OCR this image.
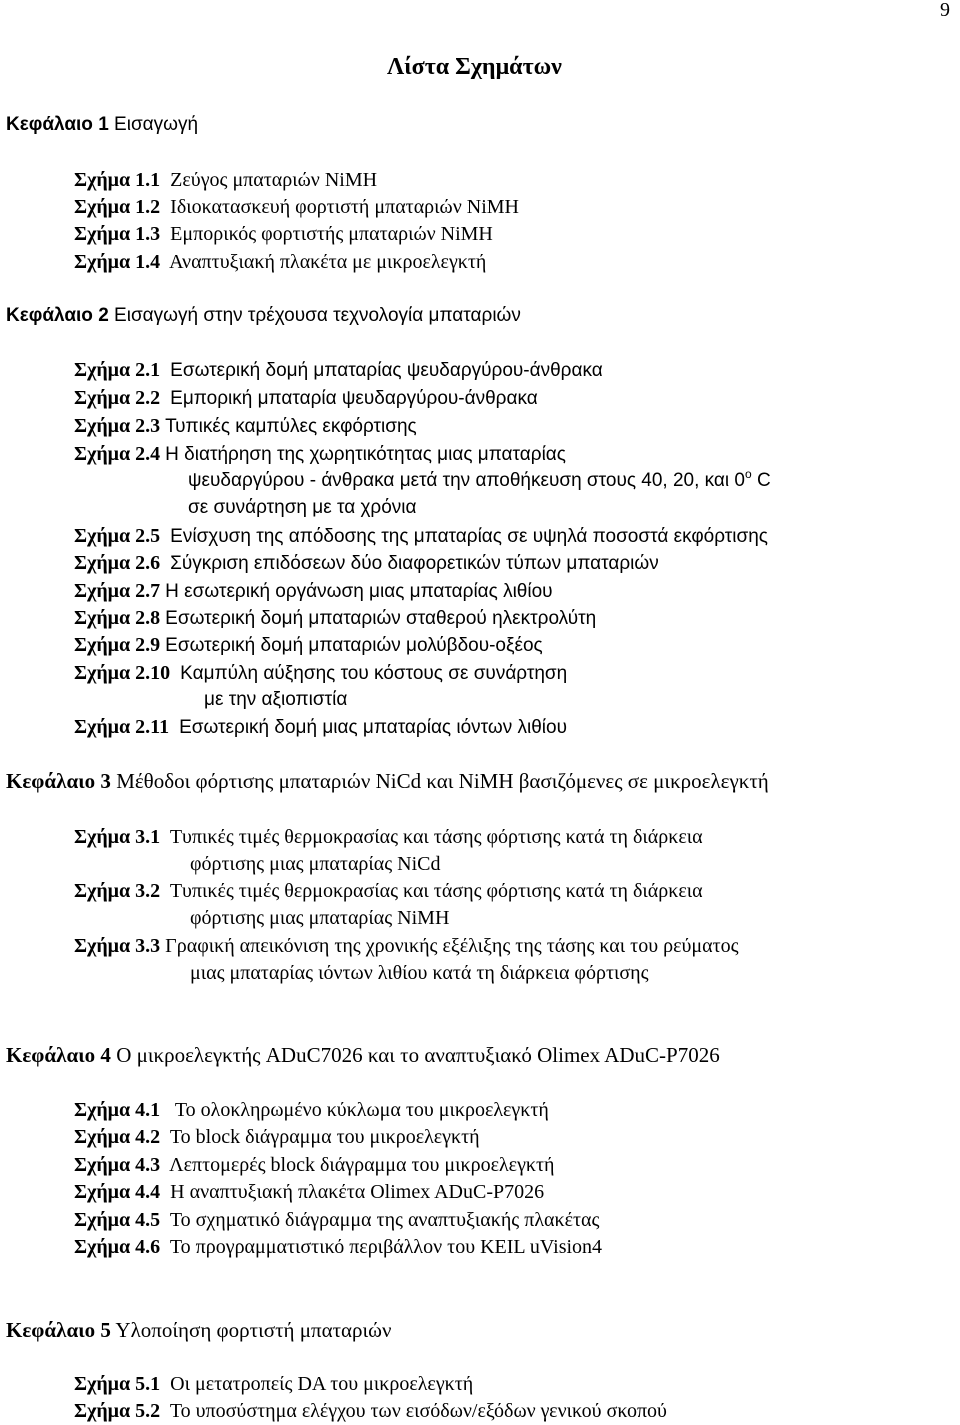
9
Λίστα Σχημάτων
Κεφάλαιο 1 Εισαγωγή
Σχήμα 1.1 Ζεύγος μπαταριών NiMH
Σχήμα 1.2 Ιδιοκατασκευή φορτιστή μπαταριών NiMH
Σχήμα 1.3 Εμπορικός φορτιστής μπαταριών NiMH
Σχήμα 1.4 Αναπτυξιακή πλακέτα με μικροελεγκτή
Κεφάλαιο 2 Εισαγωγή στην τρέχουσα τεχνολογία μπαταριών
Σχήμα 2.1 Εσωτερική δομή μπαταρίας ψευδαργύρου-άνθρακα
Σχήμα 2.2 Εμπορική μπαταρία ψευδαργύρου-άνθρακα
Σχήμα 2.3 Τυπικές καμπύλες εκφόρτισης
Σχήμα 2.4 Η διατήρηση της χωρητικότητας μιας μπαταρίας
ψευδαργύρου - άνθρακα μετά την αποθήκευση στους 40, 20, και 0$^o$ C
σε συνάρτηση με τα χρόνια
Σχήμα 2.5 Ενίσχυση της απόδοσης της μπαταρίας σε υψηλά ποσοστά εκφόρτισης
Σχήμα 2.6 Σύγκριση επιδόσεων δύο διαφορετικών τύπων μπαταριών
Σχήμα 2.7 Η εσωτερική οργάνωση μιας μπαταρίας λιθίου
Σχήμα 2.8 Εσωτερική δομή μπαταριών σταθερού ηλεκτρολύτη
Σχήμα 2.9 Εσωτερική δομή μπαταριών μολύβδου-οξέος
Σχήμα 2.10 Καμπύλη αύξησης του κόστους σε συνάρτηση
με την αξιοπιστία
Σχήμα 2.11 Εσωτερική δομή μιας μπαταρίας ιόντων λιθίου
Κεφάλαιο 3 Μέθοδοι φόρτισης μπαταριών NiCd και NiMH βασιζόμενες σε μικροελεγκτή
Σχήμα 3.1 Τυπικές τιμές θερμοκρασίας και τάσης φόρτισης κατά τη διάρκεια
φόρτισης μιας μπαταρίας NiCd
Σχήμα 3.2 Τυπικές τιμές θερμοκρασίας και τάσης φόρτισης κατά τη διάρκεια
φόρτισης μιας μπαταρίας NiMH
Σχήμα 3.3 Γραφική απεικόνιση της χρονικής εξέλιξης της τάσης και του ρεύματος
μιας μπαταρίας ιόντων λιθίου κατά τη διάρκεια φόρτισης
Κεφάλαιο 4 Ο μικροελεγκτής ADuC7026 και το αναπτυξιακό Olimex ADuC-P7026
Σχήμα 4.1 Το ολοκληρωμένο κύκλωμα του μικροελεγκτή
Σχήμα 4.2 Το block διάγραμμα του μικροελεγκτή
Σχήμα 4.3 Λεπτομερές block διάγραμμα του μικροελεγκτή
Σχήμα 4.4 Η αναπτυξιακή πλακέτα Olimex ADuC-P7026
Σχήμα 4.5 Το σχηματικό διάγραμμα της αναπτυξιακής πλακέτας
Σχήμα 4.6 Το προγραμματιστικό περιβάλλον του KEIL uVision4
Κεφάλαιο 5 Υλοποίηση φορτιστή μπαταριών
Σχήμα 5.1 Οι μετατροπείς DA του μικροελεγκτή
Σχήμα 5.2 Το υποσύστημα ελέγχου των εισόδων/εξόδων γενικού σκοπού
